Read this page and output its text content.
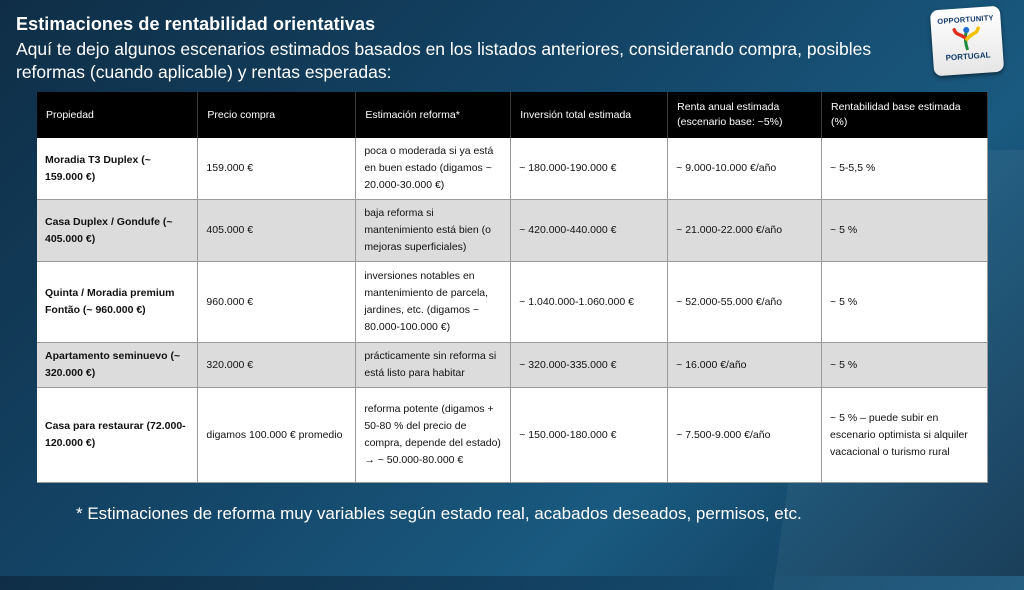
Estimaciones de rentabilidad orientativas
Aquí te dejo algunos escenarios estimados basados en los listados anteriores, considerando compra, posibles reformas (cuando aplicable) y rentas esperadas:
OPPORTUNITY
PORTUGAL
Propiedad	Precio compra	Estimación reforma*	Inversión total estimada	Renta anual estimada (escenario base: ~5%)	Rentabilidad base estimada (%)
Moradia T3 Duplex (~ 159.000 €)	159.000 €	poca o moderada si ya está en buen estado (digamos ~ 20.000-30.000 €)	~ 180.000-190.000 €	~ 9.000-10.000 €/año	~ 5-5,5 %
Casa Duplex / Gondufe (~ 405.000 €)	405.000 €	baja reforma si mantenimiento está bien (o mejoras superficiales)	~ 420.000-440.000 €	~ 21.000-22.000 €/año	~ 5 %
Quinta / Moradia premium Fontão (~ 960.000 €)	960.000 €	inversiones notables en mantenimiento de parcela, jardines, etc. (digamos ~ 80.000-100.000 €)	~ 1.040.000-1.060.000 €	~ 52.000-55.000 €/año	~ 5 %
Apartamento seminuevo (~ 320.000 €)	320.000 €	prácticamente sin reforma si está listo para habitar	~ 320.000-335.000 €	~ 16.000 €/año	~ 5 %
Casa para restaurar (72.000-120.000 €)	digamos 100.000 € promedio	reforma potente (digamos + 50-80 % del precio de compra, depende del estado) → ~ 50.000-80.000 €	~ 150.000-180.000 €	~ 7.500-9.000 €/año	~ 5 % – puede subir en escenario optimista si alquiler vacacional o turismo rural
* Estimaciones de reforma muy variables según estado real, acabados deseados, permisos, etc.
